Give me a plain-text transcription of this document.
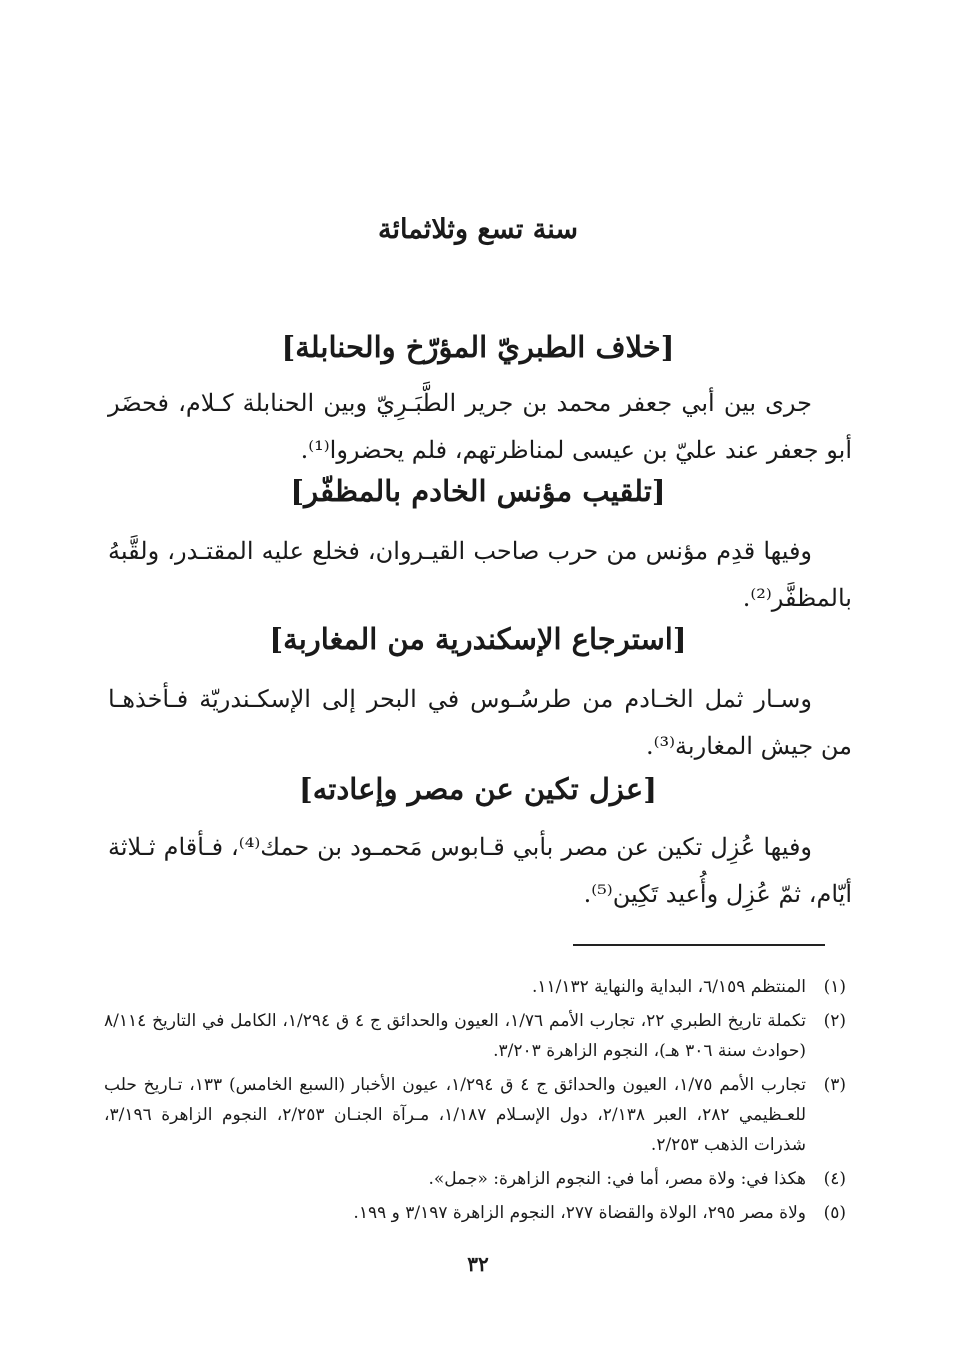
سنة تسع وثلاثمائة
[خلاف الطبريّ المؤرّخ والحنابلة]
جرى بين أبي جعفر محمد بن جرير الطَّبَـرِيّ وبين الحنابلة كـلام، فحضَر أبو جعفر عند عليّ بن عيسى لمناظرتهم، فلم يحضروا⁽¹⁾.
[تلقيب مؤنس الخادم بالمظفّر]
وفيها قدِم مؤنس من حرب صاحب القيـروان، فخلع عليه المقتـدر، ولقَّبهُ بالمظفَّر⁽²⁾.
[استرجاع الإسكندرية من المغاربة]
وسـار ثمل الخـادم من طرسُـوس في البحر إلى الإسكـندريّة فـأخذهـا من جيش المغاربة⁽³⁾.
[عزل تكين عن مصر وإعادته]
وفيها عُزِل تكين عن مصر بأبي قـابوس مَحمـود بن حمك⁽⁴⁾، فـأقام ثـلاثة أيّام، ثمّ عُزِل وأُعيد تَكِين⁽⁵⁾.
(١)
المنتظم ٦/١٥٩، البداية والنهاية ١١/١٣٢.
(٢)
تكملة تاريخ الطبري ٢٢، تجارب الأمم ١/٧٦، العيون والحدائق ج ٤ ق ١/٢٩٤، الكامل في التاريخ ٨/١١٤ (حوادث سنة ٣٠٦ هـ)، النجوم الزاهرة ٣/٢٠٣.
(٣)
تجارب الأمم ١/٧٥، العيون والحدائق ج ٤ ق ١/٢٩٤، عيون الأخبار (السبع الخامس) ١٣٣، تـاريخ حلب للعـظيمي ٢٨٢، العبر ٢/١٣٨، دول الإسـلام ١/١٨٧، مـرآة الجنـان ٢/٢٥٣، النجوم الزاهرة ٣/١٩٦، شذرات الذهب ٢/٢٥٣.
(٤)
هكذا في: ولاة مصر، أما في: النجوم الزاهرة: «جمل».
(٥)
ولاة مصر ٢٩٥، الولاة والقضاة ٢٧٧، النجوم الزاهرة ٣/١٩٧ و ١٩٩.
٣٢
